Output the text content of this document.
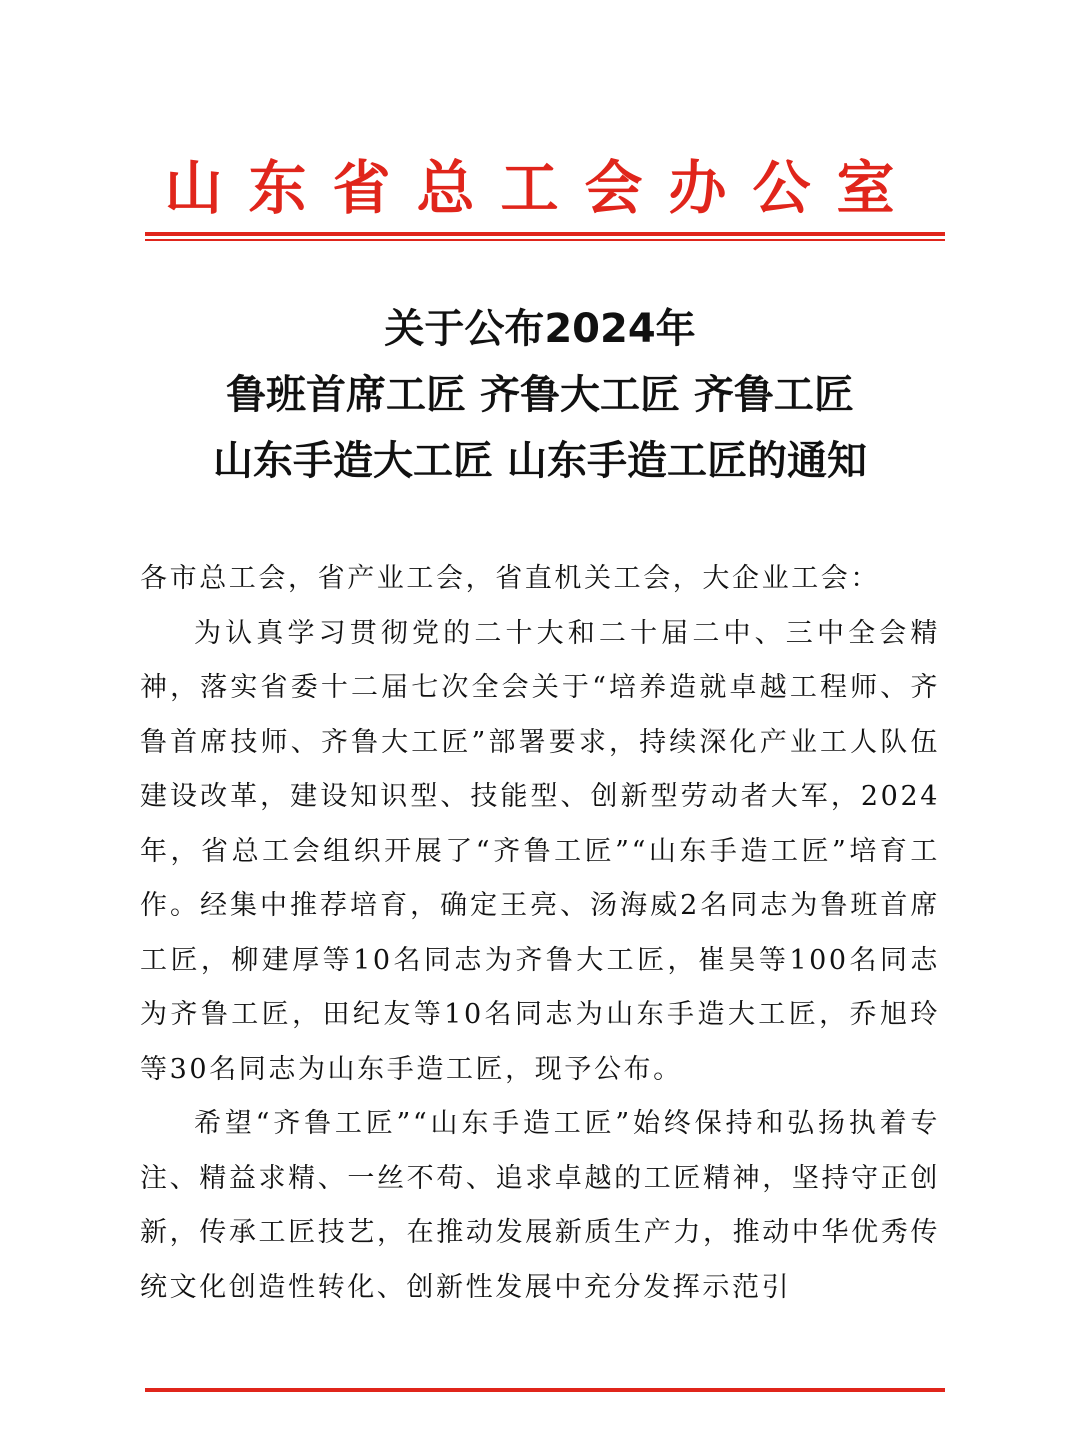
山东省总工会办公室
关于公布2024年
鲁班首席工匠 齐鲁大工匠 齐鲁工匠
山东手造大工匠 山东手造工匠的通知

各市总工会，省产业工会，省直机关工会，大企业工会：

为认真学习贯彻党的二十大和二十届二中、三中全会精神，落实省委十二届七次全会关于“培养造就卓越工程师、齐鲁首席技师、齐鲁大工匠”部署要求，持续深化产业工人队伍建设改革，建设知识型、技能型、创新型劳动者大军，2024年，省总工会组织开展了“齐鲁工匠”“山东手造工匠”培育工作。经集中推荐培育，确定王亮、汤海威2名同志为鲁班首席工匠，柳建厚等10名同志为齐鲁大工匠，崔昊等100名同志为齐鲁工匠，田纪友等10名同志为山东手造大工匠，乔旭玲等30名同志为山东手造工匠，现予公布。

希望“齐鲁工匠”“山东手造工匠”始终保持和弘扬执着专注、精益求精、一丝不苟、追求卓越的工匠精神，坚持守正创新，传承工匠技艺，在推动发展新质生产力，推动中华优秀传统文化创造性转化、创新性发展中充分发挥示范引
